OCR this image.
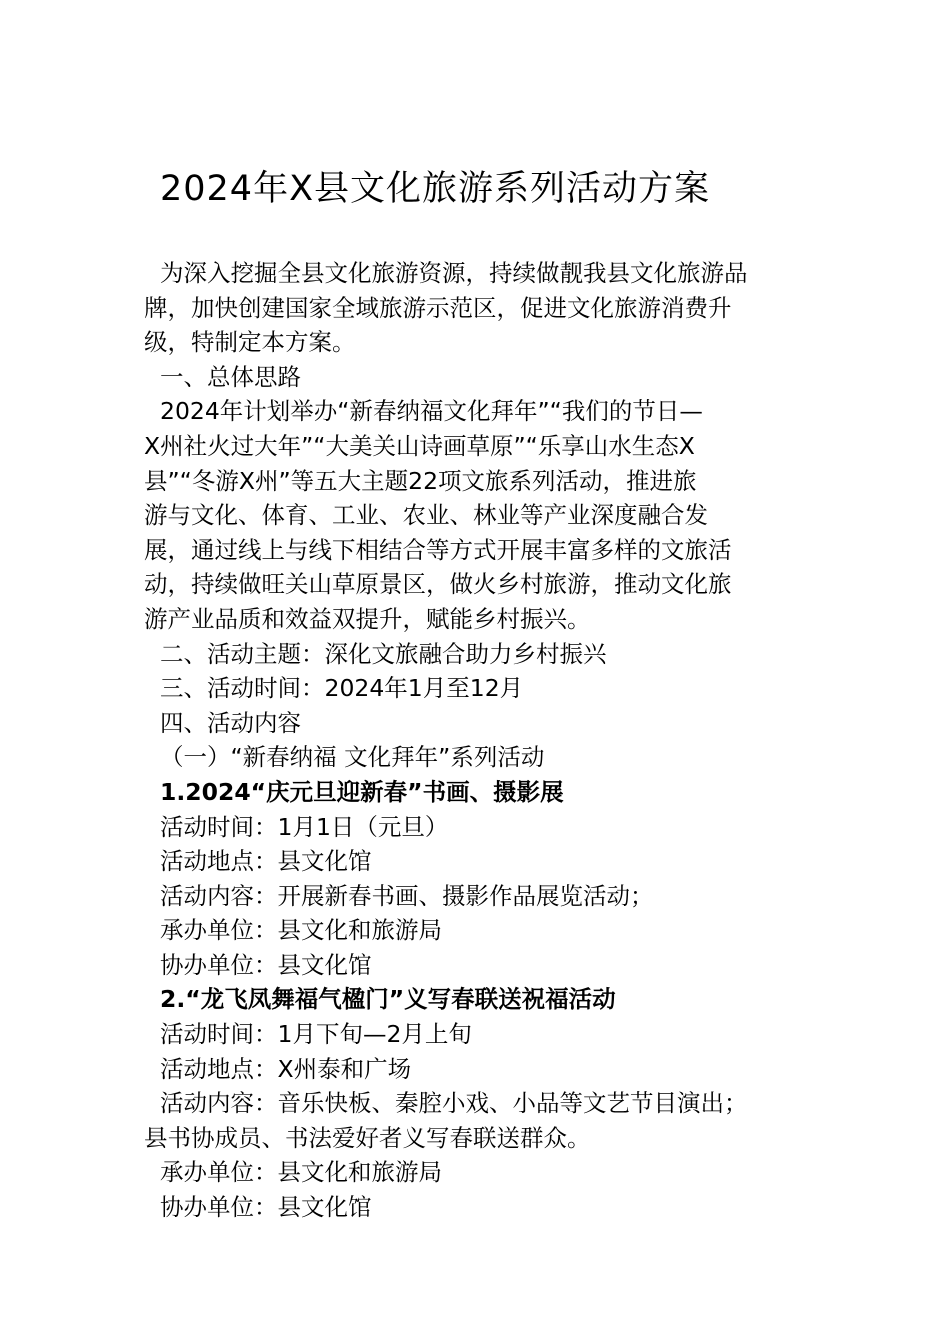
2024年X县文化旅游系列活动方案

为深入挖掘全县文化旅游资源，持续做靓我县文化旅游品

牌，加快创建国家全域旅游示范区，促进文化旅游消费升

级，特制定本方案。

一、总体思路

2024年计划举办“新春纳福文化拜年”“我们的节日—

X州社火过大年”“大美关山诗画草原”“乐享山水生态X

县”“冬游X州”等五大主题22项文旅系列活动，推进旅

游与文化、体育、工业、农业、林业等产业深度融合发

展，通过线上与线下相结合等方式开展丰富多样的文旅活

动，持续做旺关山草原景区，做火乡村旅游，推动文化旅

游产业品质和效益双提升，赋能乡村振兴。

二、活动主题：深化文旅融合助力乡村振兴

三、活动时间：2024年1月至12月

四、活动内容

（一）“新春纳福 文化拜年”系列活动

1.2024“庆元旦迎新春”书画、摄影展

活动时间：1月1日（元旦）

活动地点：县文化馆

活动内容：开展新春书画、摄影作品展览活动；

承办单位：县文化和旅游局

协办单位：县文化馆

2.“龙飞凤舞福气楹门”义写春联送祝福活动

活动时间：1月下旬—2月上旬

活动地点：X州泰和广场

活动内容：音乐快板、秦腔小戏、小品等文艺节目演出；

县书协成员、书法爱好者义写春联送群众。

承办单位：县文化和旅游局

协办单位：县文化馆
